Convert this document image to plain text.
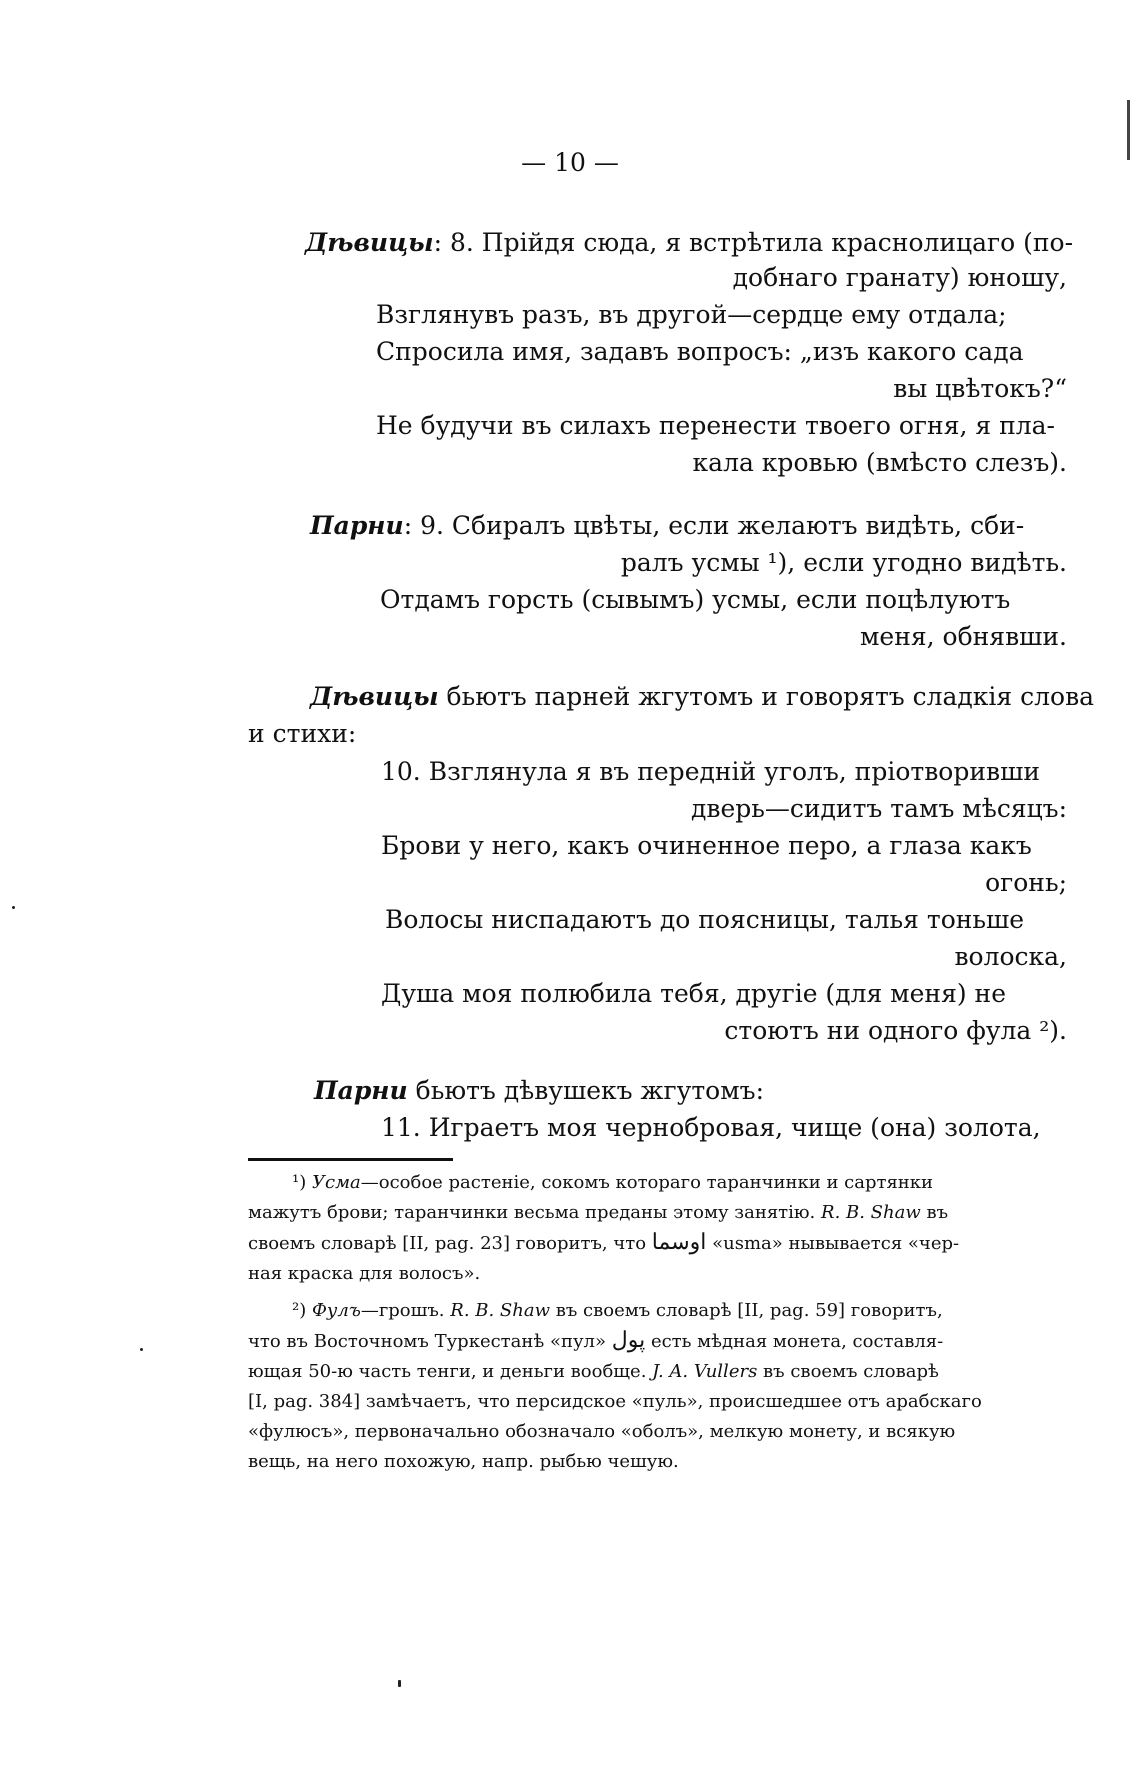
— 10 —
Дѣвицы: 8. Прійдя сюда, я встрѣтила краснолицаго (по-
добнаго гранату) юношу,
Взглянувъ разъ, въ другой—сердце ему отдала;
Спросила имя, задавъ вопросъ: „изъ какого сада
вы цвѣтокъ?“
Не будучи въ силахъ перенести твоего огня, я пла-
кала кровью (вмѣсто слезъ).
Парни: 9. Сбиралъ цвѣты, если желаютъ видѣть, сби-
ралъ усмы ¹), если угодно видѣть.
Отдамъ горсть (сывымъ) усмы, если поцѣлуютъ
меня, обнявши.
Дѣвицы бьютъ парней жгутомъ и говорятъ сладкія слова
и стихи:
10. Взглянула я въ передній уголъ, пріотворивши
дверь—сидитъ тамъ мѣсяцъ:
Брови у него, какъ очиненное перо, а глаза какъ
огонь;
Волосы ниспадаютъ до поясницы, талья тоньше
волоска,
Душа моя полюбила тебя, другіе (для меня) не
стоютъ ни одного фула ²).
Парни бьютъ дѣвушекъ жгутомъ:
11. Играетъ моя чернобровая, чище (она) золота,
¹) Усма—особое растеніе, сокомъ котораго таранчинки и сартянки
мажутъ брови; таранчинки весьма преданы этому занятію. R. B. Shaw въ
своемъ словарѣ [II, pag. 23] говоритъ, что اوسما «usma» нывывается «чер-
ная краска для волосъ».
²) Фулъ—грошъ. R. B. Shaw въ своемъ словарѣ [II, pag. 59] говоритъ,
что въ Восточномъ Туркестанѣ «пул» پول есть мѣдная монета, составля-
ющая 50-ю часть тенги, и деньги вообще. J. A. Vullers въ своемъ словарѣ
[I, pag. 384] замѣчаетъ, что персидское «пуль», происшедшее отъ арабскаго
«фулюсъ», первоначально обозначало «оболъ», мелкую монету, и всякую
вещь, на него похожую, напр. рыбью чешую.
